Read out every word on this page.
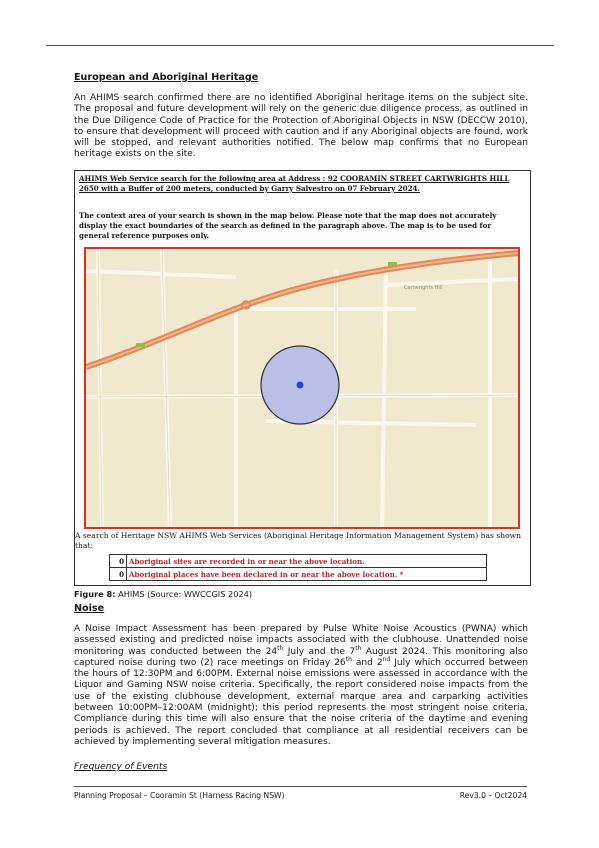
European and Aboriginal Heritage
An AHIMS search confirmed there are no identified Aboriginal heritage items on the subject site. The proposal and future development will rely on the generic due diligence process, as outlined in the Due Diligence Code of Practice for the Protection of Aboriginal Objects in NSW (DECCW 2010), to ensure that development will proceed with caution and if any Aboriginal objects are found, work will be stopped, and relevant authorities notified. The below map confirms that no European heritage exists on the site.
AHIMS Web Service search for the following area at Address : 92 COORAMIN STREET CARTWRIGHTS HILL 2650 with a Buffer of 200 meters, conducted by Garry Salvestro on 07 February 2024.
The context area of your search is shown in the map below. Please note that the map does not accurately display the exact boundaries of the search as defined in the paragraph above. The map is to be used for general reference purposes only.
Cartwrights Hill
A search of Heritage NSW AHIMS Web Services (Aboriginal Heritage Information Management System) has shown that:
	0	Aboriginal sites are recorded in or near the above location.
	0	Aboriginal places have been declared in or near the above location. *
Figure 8: AHIMS (Source: WWCCGIS 2024)
Noise
A Noise Impact Assessment has been prepared by Pulse White Noise Acoustics (PWNA) which assessed existing and predicted noise impacts associated with the clubhouse. Unattended noise monitoring was conducted between the 24th July and the 7th August 2024. This monitoring also captured noise during two (2) race meetings on Friday 26th and 2nd July which occurred between the hours of 12:30PM and 6:00PM. External noise emissions were assessed in accordance with the Liquor and Gaming NSW noise criteria. Specifically, the report considered noise impacts from the use of the existing clubhouse development, external marque area and carparking activities between 10:00PM–12:00AM (midnight); this period represents the most stringent noise criteria. Compliance during this time will also ensure that the noise criteria of the daytime and evening periods is achieved. The report concluded that compliance at all residential receivers can be achieved by implementing several mitigation measures.
Frequency of Events
Planning Proposal – Cooramin St (Harness Racing NSW)	Rev3.0 – Oct2024
